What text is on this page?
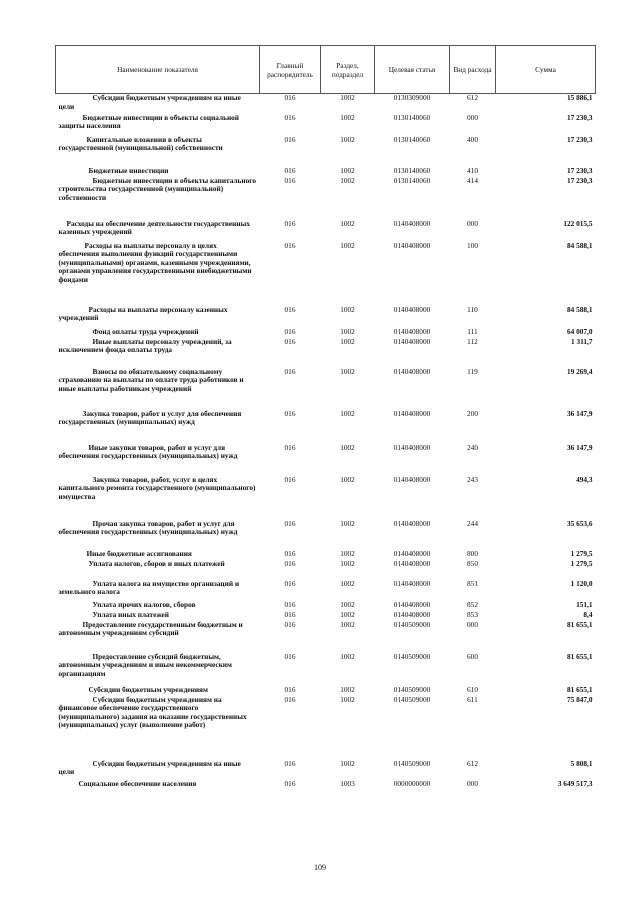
Наименование показателя	Главный распорядитель	Раздел, подраздел	Целевая статья	Вид расхода	Сумма
Субсидии бюджетным учреждениям на иные цели	016	1002	0130309000	612	15 886,1
Бюджетные инвестиции в объекты социальной защиты населения	016	1002	0130140060	000	17 230,3
Капитальные вложения в объекты государственной (муниципальной) собственности	016	1002	0130140060	400	17 230,3
Бюджетные инвестиции	016	1002	0130140060	410	17 230,3
Бюджетные инвестиции в объекты капитального строительства государственной (муниципальной) собственности	016	1002	0130140060	414	17 230,3
Расходы на обеспечение деятельности государственных казенных учреждений	016	1002	0140408000	000	122 015,5
Расходы на выплаты персоналу в целях обеспечения выполнения функций государственными (муниципальными) органами, казенными учреждениями, органами управления государственными внебюджетными фондами	016	1002	0140408000	100	84 588,1
Расходы на выплаты персоналу казенных учреждений	016	1002	0140408000	110	84 588,1
Фонд оплаты труда учреждений	016	1002	0140408000	111	64 007,0
Иные выплаты персоналу учреждений, за исключением фонда оплаты труда	016	1002	0140408000	112	1 311,7
Взносы по обязательному социальному страхованию на выплаты по оплате труда работников и иные выплаты работникам учреждений	016	1002	0140408000	119	19 269,4
Закупка товаров, работ и услуг для обеспечения государственных (муниципальных) нужд	016	1002	0140408000	200	36 147,9
Иные закупки товаров, работ и услуг для обеспечения государственных (муниципальных) нужд	016	1002	0140408000	240	36 147,9
Закупка товаров, работ, услуг в целях капитального ремонта государственного (муниципального) имущества	016	1002	0140408000	243	494,3
Прочая закупка товаров, работ и услуг для обеспечения государственных (муниципальных) нужд	016	1002	0140408000	244	35 653,6
Иные бюджетные ассигнования	016	1002	0140408000	800	1 279,5
Уплата налогов, сборов и иных платежей	016	1002	0140408000	850	1 279,5
Уплата налога на имущество организаций и земельного налога	016	1002	0140408000	851	1 120,0
Уплата прочих налогов, сборов	016	1002	0140408000	852	151,1
Уплата иных платежей	016	1002	0140408000	853	8,4
Предоставление государственным бюджетным и автономным учреждениям субсидий	016	1002	0140509000	000	81 655,1
Предоставление субсидий бюджетным, автономным учреждениям и иным некоммерческим организациям	016	1002	0140509000	600	81 655,1
Субсидии бюджетным учреждениям	016	1002	0140509000	610	81 655,1
Субсидии бюджетным учреждениям на финансовое обеспечение государственного (муниципального) задания на оказание государственных (муниципальных) услуг (выполнение работ)	016	1002	0140509000	611	75 847,0
Субсидии бюджетным учреждениям на иные цели	016	1002	0140509000	612	5 808,1
Социальное обеспечение населения	016	1003	0000000000	000	3 649 517,3
109
